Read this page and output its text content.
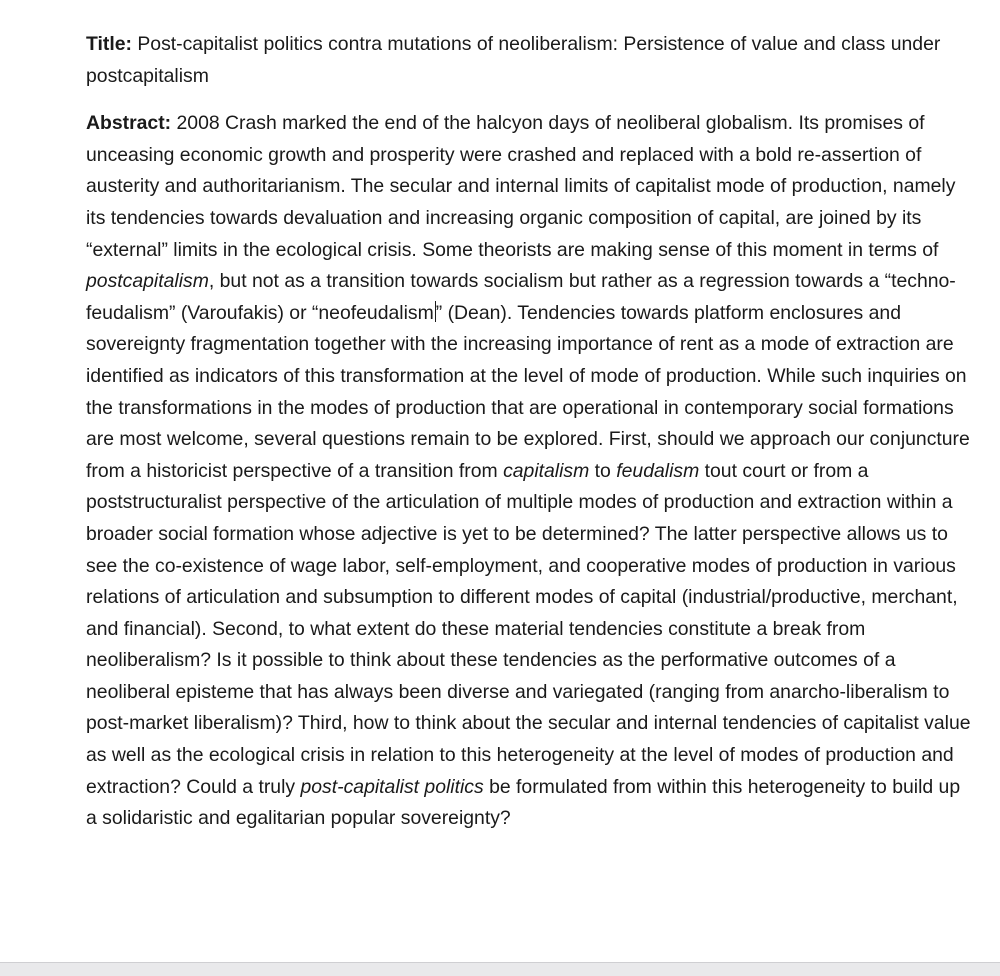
Title: Post-capitalist politics contra mutations of neoliberalism: Persistence of value and class under postcapitalism

Abstract: 2008 Crash marked the end of the halcyon days of neoliberal globalism. Its promises of unceasing economic growth and prosperity were crashed and replaced with a bold re-assertion of austerity and authoritarianism. The secular and internal limits of capitalist mode of production, namely its tendencies towards devaluation and increasing organic composition of capital, are joined by its “external” limits in the ecological crisis. Some theorists are making sense of this moment in terms of postcapitalism, but not as a transition towards socialism but rather as a regression towards a “techno-feudalism” (Varoufakis) or “neofeudalism ” (Dean). Tendencies towards platform enclosures and sovereignty fragmentation together with the increasing importance of rent as a mode of extraction are identified as indicators of this transformation at the level of mode of production. While such inquiries on the transformations in the modes of production that are operational in contemporary social formations are most welcome, several questions remain to be explored. First, should we approach our conjuncture from a historicist perspective of a transition from capitalism to feudalism tout court or from a poststructuralist perspective of the articulation of multiple modes of production and extraction within a broader social formation whose adjective is yet to be determined? The latter perspective allows us to see the co-existence of wage labor, self-employment, and cooperative modes of production in various relations of articulation and subsumption to different modes of capital (industrial/productive, merchant, and financial). Second, to what extent do these material tendencies constitute a break from neoliberalism? Is it possible to think about these tendencies as the performative outcomes of a neoliberal episteme that has always been diverse and variegated (ranging from anarcho-liberalism to post-market liberalism)? Third, how to think about the secular and internal tendencies of capitalist value as well as the ecological crisis in relation to this heterogeneity at the level of modes of production and extraction? Could a truly post-capitalist politics be formulated from within this heterogeneity to build up a solidaristic and egalitarian popular sovereignty?
